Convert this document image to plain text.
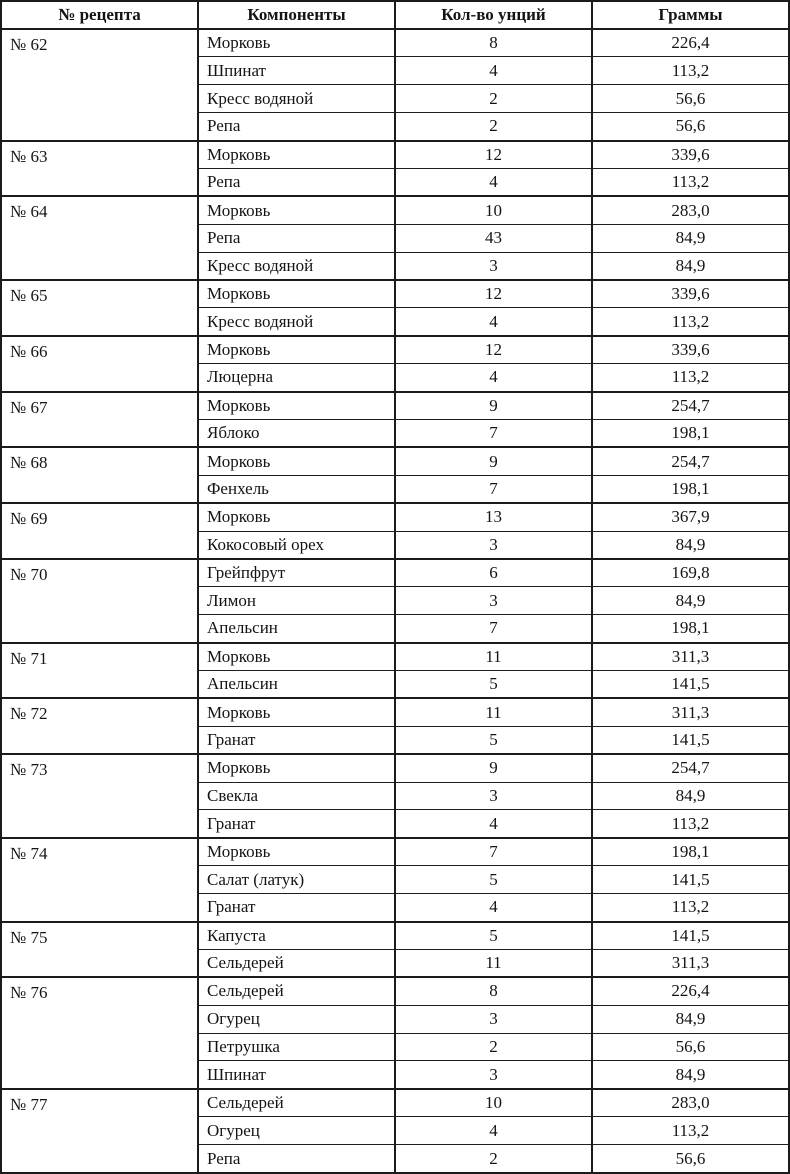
№ рецепта	Компоненты	Кол-во унций	Граммы
№ 62	Морковь	8	226,4
	Шпинат	4	113,2
	Кресс водяной	2	56,6
	Репа	2	56,6
№ 63	Морковь	12	339,6
	Репа	4	113,2
№ 64	Морковь	10	283,0
	Репа	43	84,9
	Кресс водяной	3	84,9
№ 65	Морковь	12	339,6
	Кресс водяной	4	113,2
№ 66	Морковь	12	339,6
	Люцерна	4	113,2
№ 67	Морковь	9	254,7
	Яблоко	7	198,1
№ 68	Морковь	9	254,7
	Фенхель	7	198,1
№ 69	Морковь	13	367,9
	Кокосовый орех	3	84,9
№ 70	Грейпфрут	6	169,8
	Лимон	3	84,9
	Апельсин	7	198,1
№ 71	Морковь	11	311,3
	Апельсин	5	141,5
№ 72	Морковь	11	311,3
	Гранат	5	141,5
№ 73	Морковь	9	254,7
	Свекла	3	84,9
	Гранат	4	113,2
№ 74	Морковь	7	198,1
	Салат (латук)	5	141,5
	Гранат	4	113,2
№ 75	Капуста	5	141,5
	Сельдерей	11	311,3
№ 76	Сельдерей	8	226,4
	Огурец	3	84,9
	Петрушка	2	56,6
	Шпинат	3	84,9
№ 77	Сельдерей	10	283,0
	Огурец	4	113,2
	Репа	2	56,6
